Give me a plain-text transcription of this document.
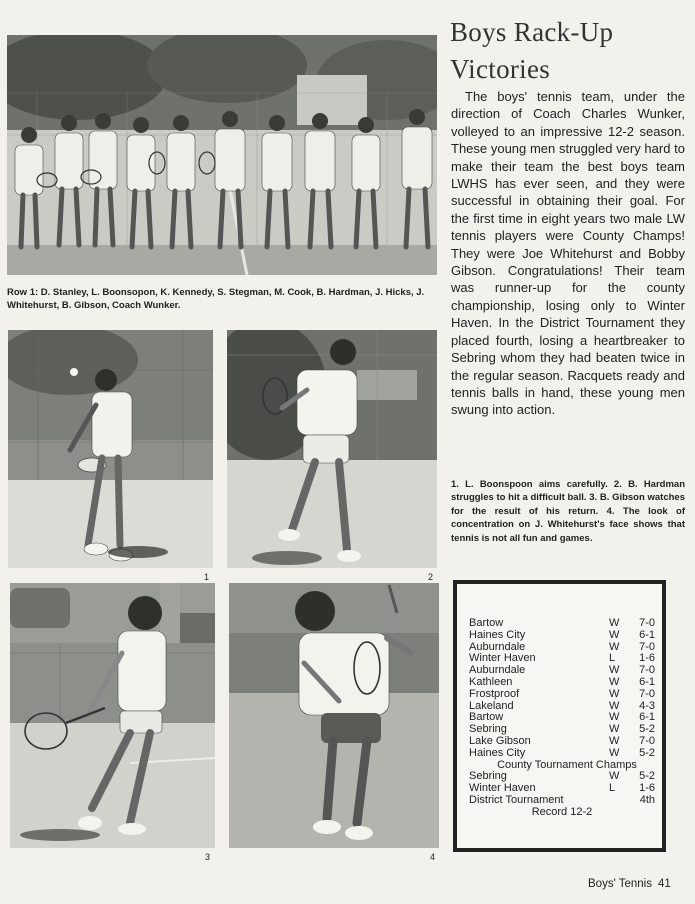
Row 1: D. Stanley, L. Boonsopon, K. Kennedy, S. Stegman, M. Cook, B. Hardman, J. Hicks, J. Whitehurst, B. Gibson, Coach Wunker.

1	2
3	4
Boys Rack-Up Victories

The boys' tennis team, under the direction of Coach Charles Wunker, volleyed to an impressive 12-2 season. These young men struggled very hard to make their team the best boys team LWHS has ever seen, and they were successful in obtaining their goal. For the first time in eight years two male LW tennis players were County Champs! They were Joe Whitehurst and Bobby Gibson. Congratulations! Their team was runner-up for the county championship, losing only to Winter Haven. In the District Tournament they placed fourth, losing a heartbreaker to Sebring whom they had beaten twice in the regular season. Racquets ready and tennis balls in hand, these young men swung into action.

1. L. Boonspoon aims carefully. 2. B. Hardman struggles to hit a difficult ball. 3. B. Gibson watches for the result of his return. 4. The look of concentration on J. Whitehurst's face shows that tennis is not all fun and games.

Bartow	W	7-0
Haines City	W	6-1
Auburndale	W	7-0
Winter Haven	L	1-6
Auburndale	W	7-0
Kathleen	W	6-1
Frostproof	W	7-0
Lakeland	W	4-3
Bartow	W	6-1
Sebring	W	5-2
Lake Gibson	W	7-0
Haines City	W	5-2
County Tournament Champs
Sebring	W	5-2
Winter Haven	L	1-6
District Tournament	4th
Record 12-2
Boys' Tennis 41
